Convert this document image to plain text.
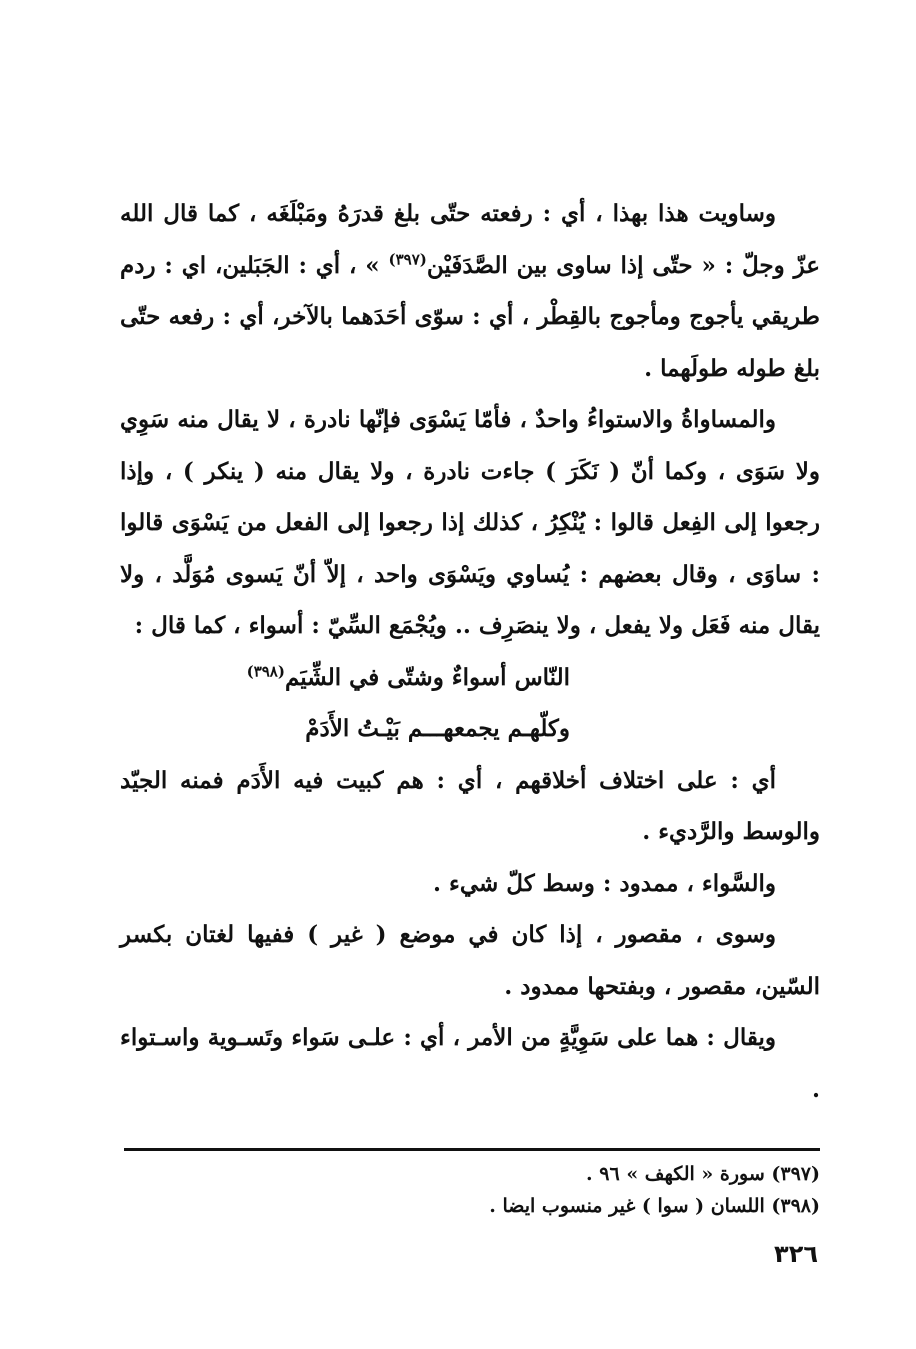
وساويت هذا بهذا ، أي : رفعته حتّى بلغ قدرَهُ ومَبْلَغَه ، كما قال الله عزّ وجلّ : « حتّى إذا ساوى بين الصَّدَفَيْن$^{(٣٩٧)}$ » ، أي : الجَبَلين، اي : ردم طريقي يأجوج ومأجوج بالقِطْر ، أي : سوّى أحَدَهما بالآخر، أي : رفعه حتّى بلغ طوله طولَهما .

والمساواةُ والاستواءُ واحدٌ ، فأمّا يَسْوَى فإنّها نادرة ، لا يقال منه سَوِي ولا سَوَى ، وكما أنّ ( نَكَرَ ) جاءت نادرة ، ولا يقال منه ( ينكر ) ، وإذا رجعوا إلى الفِعل قالوا : يُنْكِرُ ، كذلك إذا رجعوا إلى الفعل من يَسْوَى قالوا : ساوَى ، وقال بعضهم : يُساوي ويَسْوَى واحد ، إلاّ أنّ يَسوى مُوَلَّد ، ولا يقال منه فَعَل ولا يفعل ، ولا ينصَرِف .. ويُجْمَع السِّيّ : أسواء ، كما قال :

النّاس أسواءٌ وشتّى في الشِّيَم$^{(٣٩٨)}$
وكلّهـم يجمعهـــم بَيْـتُ الأَدَمْ

أي : على اختلاف أخلاقهم ، أي : هم كبيت فيه الأَدَم فمنه الجيّد والوسط والرَّديء .

والسَّواء ، ممدود : وسط كلّ شيء .

وسوى ، مقصور ، إذا كان في موضع ( غير ) ففيها لغتان بكسر السّين، مقصور ، وبفتحها ممدود .

ويقال : هما على سَوِيَّةٍ من الأمر ، أي : علـى سَواء وتَسـوية واسـتواء .

(٣٩٧) سورة « الكهف » ٩٦ .
(٣٩٨) اللسان ( سوا ) غير منسوب ايضا .
٣٢٦
